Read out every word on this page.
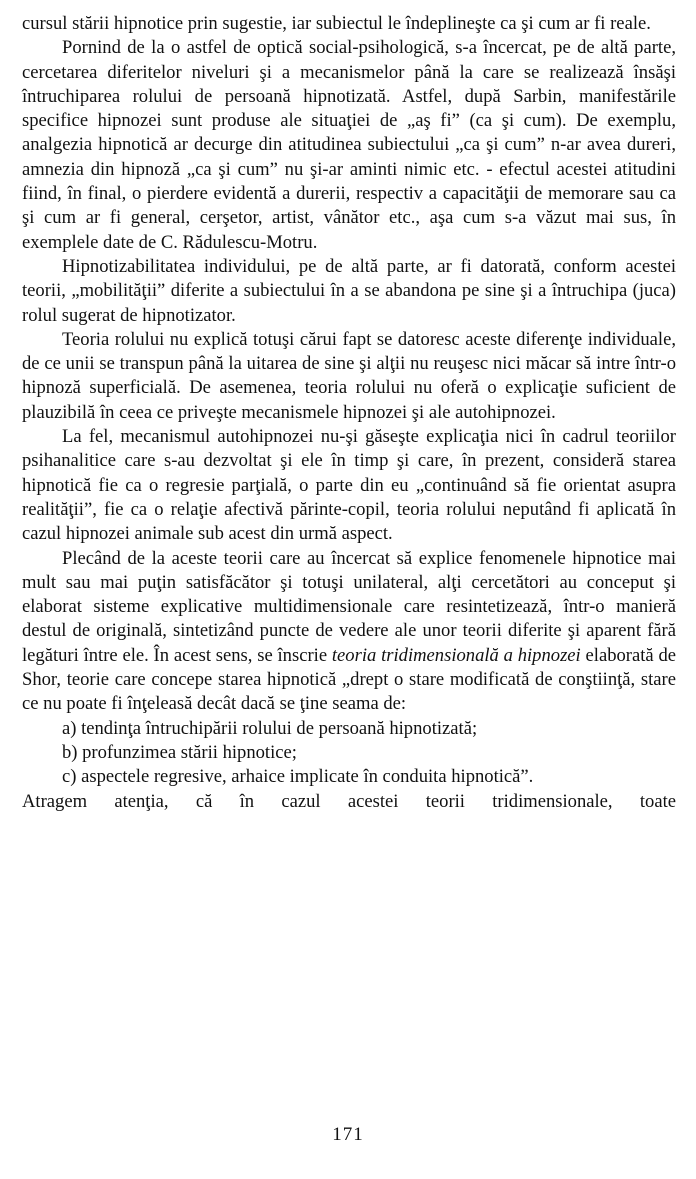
cursul stării hipnotice prin sugestie, iar subiectul le îndeplineşte ca şi cum ar fi reale.

Pornind de la o astfel de optică social-psihologică, s-a încercat, pe de altă parte, cercetarea diferitelor niveluri şi a mecanismelor până la care se realizează însăşi întruchiparea rolului de persoană hipnotizată. Astfel, după Sarbin, manifestările specifice hipnozei sunt produse ale situaţiei de „aş fi” (ca şi cum). De exemplu, analgezia hipnotică ar decurge din atitudinea subiectului „ca şi cum” n-ar avea dureri, amnezia din hipnoză „ca şi cum” nu şi-ar aminti nimic etc. - efectul acestei atitudini fiind, în final, o pierdere evidentă a durerii, respectiv a capacităţii de memorare sau ca şi cum ar fi general, cerşetor, artist, vânător etc., aşa cum s-a văzut mai sus, în exemplele date de C. Rădulescu-Motru.

Hipnotizabilitatea individului, pe de altă parte, ar fi datorată, conform acestei teorii, „mobilităţii” diferite a subiectului în a se abandona pe sine şi a întruchipa (juca) rolul sugerat de hipnotizator.

Teoria rolului nu explică totuşi cărui fapt se datoresc aceste diferenţe individuale, de ce unii se transpun până la uitarea de sine şi alţii nu reuşesc nici măcar să intre într-o hipnoză superficială. De asemenea, teoria rolului nu oferă o explicaţie suficient de plauzibilă în ceea ce priveşte mecanismele hipnozei şi ale autohipnozei.

La fel, mecanismul autohipnozei nu-şi găseşte explicaţia nici în cadrul teoriilor psihanalitice care s-au dezvoltat şi ele în timp şi care, în prezent, consideră starea hipnotică fie ca o regresie parţială, o parte din eu „continuând să fie orientat asupra realităţii”, fie ca o relaţie afectivă părinte-copil, teoria rolului neputând fi aplicată în cazul hipnozei animale sub acest din urmă aspect.

Plecând de la aceste teorii care au încercat să explice fenomenele hipnotice mai mult sau mai puţin satisfăcător şi totuşi unilateral, alţi cercetători au conceput şi elaborat sisteme explicative multidimensionale care resintetizează, într-o manieră destul de originală, sintetizând puncte de vedere ale unor teorii diferite şi aparent fără legături între ele. În acest sens, se înscrie teoria tridimensională a hipnozei elaborată de Shor, teorie care concepe starea hipnotică „drept o stare modificată de conştiinţă, stare ce nu poate fi înţeleasă decât dacă se ţine seama de:

a) tendinţa întruchipării rolului de persoană hipnotizată;

b) profunzimea stării hipnotice;

c) aspectele regresive, arhaice implicate în conduita hipnotică”.

Atragem atenţia, că în cazul acestei teorii tridimensionale, toate

171
